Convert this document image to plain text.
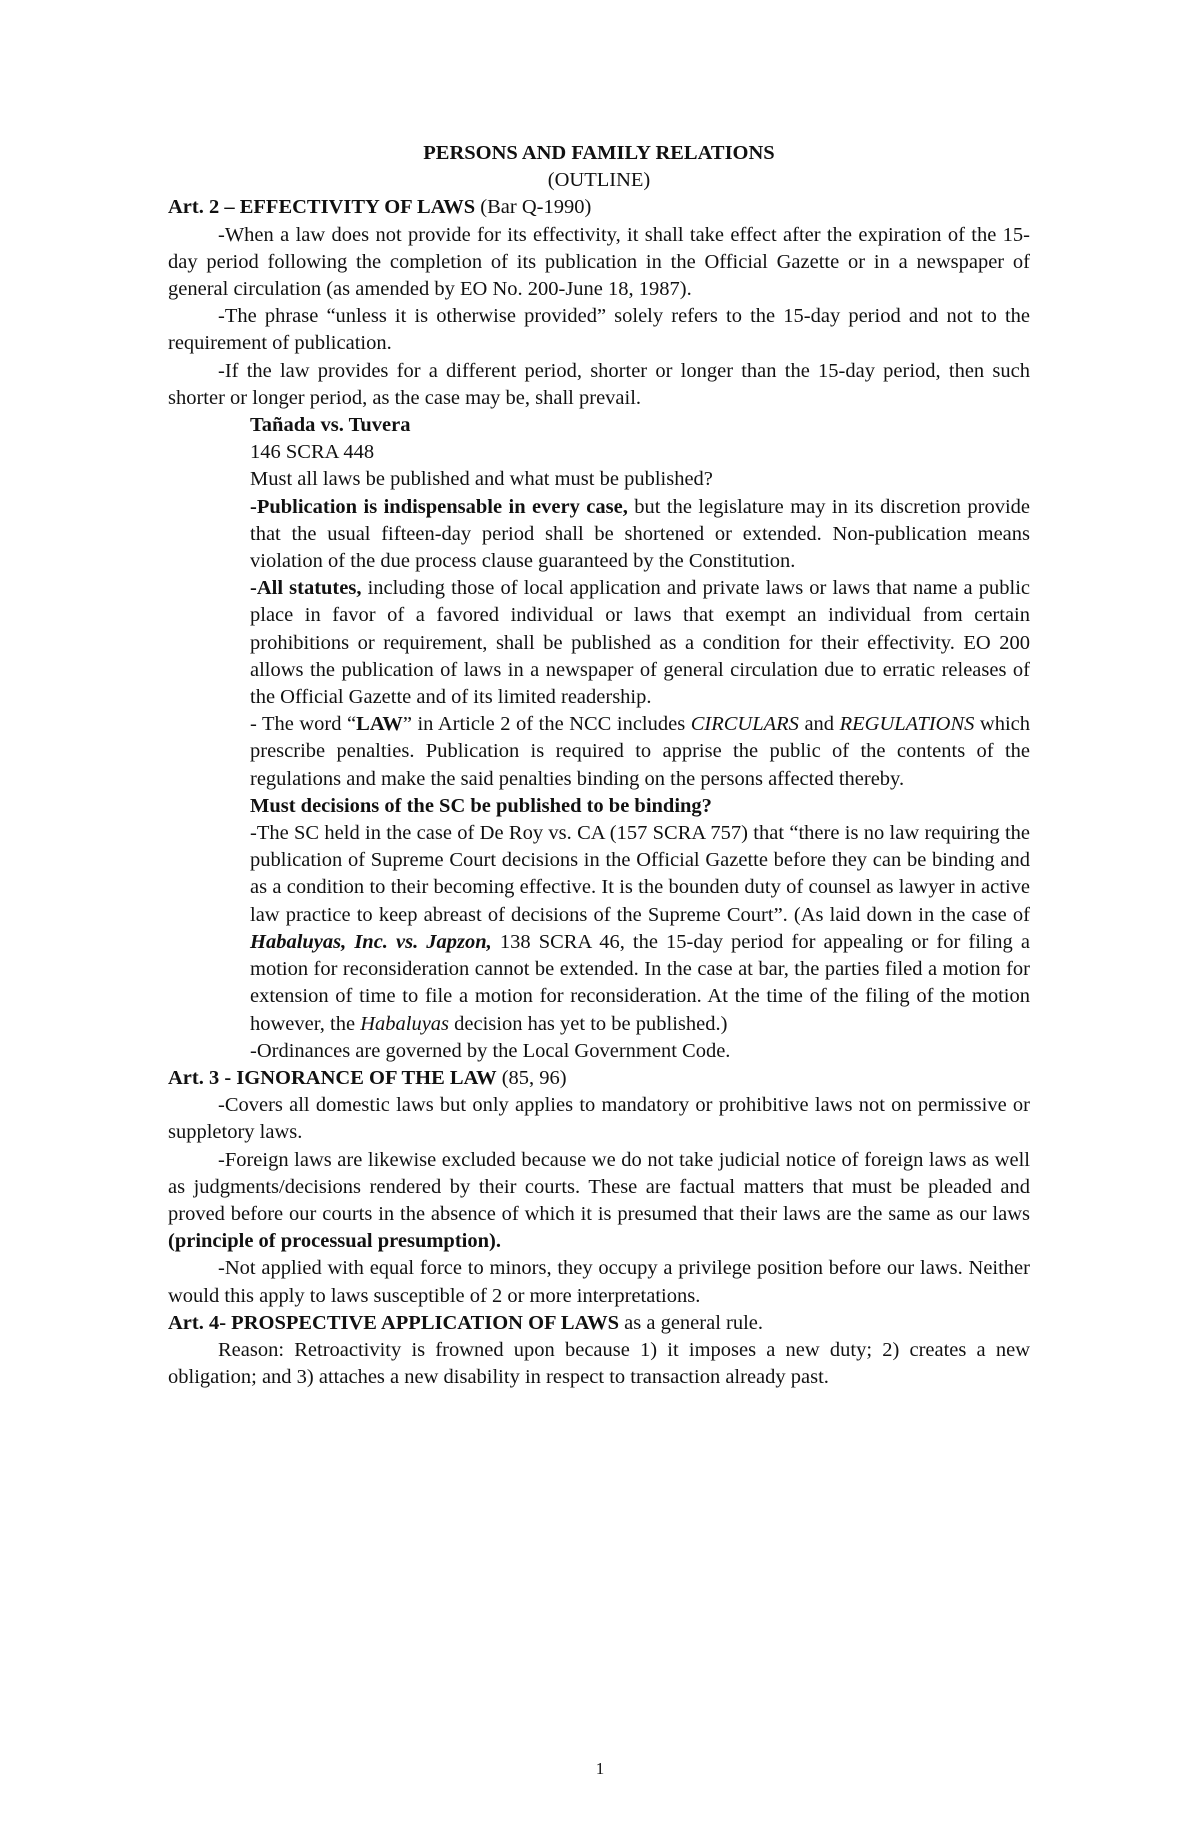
PERSONS AND FAMILY RELATIONS

(OUTLINE)

Art. 2 – EFFECTIVITY OF LAWS (Bar Q-1990)

-When a law does not provide for its effectivity, it shall take effect after the expiration of the 15-day period following the completion of its publication in the Official Gazette or in a newspaper of general circulation (as amended by EO No. 200-June 18, 1987).

-The phrase “unless it is otherwise provided” solely refers to the 15-day period and not to the requirement of publication.

-If the law provides for a different period, shorter or longer than the 15-day period, then such shorter or longer period, as the case may be, shall prevail.

Tañada vs. Tuvera

146 SCRA 448

Must all laws be published and what must be published?

-Publication is indispensable in every case, but the legislature may in its discretion provide that the usual fifteen-day period shall be shortened or extended. Non-publication means violation of the due process clause guaranteed by the Constitution.

-All statutes, including those of local application and private laws or laws that name a public place in favor of a favored individual or laws that exempt an individual from certain prohibitions or requirement, shall be published as a condition for their effectivity. EO 200 allows the publication of laws in a newspaper of general circulation due to erratic releases of the Official Gazette and of its limited readership.

- The word “LAW” in Article 2 of the NCC includes CIRCULARS and REGULATIONS which prescribe penalties. Publication is required to apprise the public of the contents of the regulations and make the said penalties binding on the persons affected thereby.

Must decisions of the SC be published to be binding?

-The SC held in the case of De Roy vs. CA (157 SCRA 757) that “there is no law requiring the publication of Supreme Court decisions in the Official Gazette before they can be binding and as a condition to their becoming effective. It is the bounden duty of counsel as lawyer in active law practice to keep abreast of decisions of the Supreme Court”. (As laid down in the case of Habaluyas, Inc. vs. Japzon, 138 SCRA 46, the 15-day period for appealing or for filing a motion for reconsideration cannot be extended. In the case at bar, the parties filed a motion for extension of time to file a motion for reconsideration. At the time of the filing of the motion however, the Habaluyas decision has yet to be published.)

-Ordinances are governed by the Local Government Code.

Art. 3 - IGNORANCE OF THE LAW (85, 96)

-Covers all domestic laws but only applies to mandatory or prohibitive laws not on permissive or suppletory laws.

-Foreign laws are likewise excluded because we do not take judicial notice of foreign laws as well as judgments/decisions rendered by their courts. These are factual matters that must be pleaded and proved before our courts in the absence of which it is presumed that their laws are the same as our laws (principle of processual presumption).

-Not applied with equal force to minors, they occupy a privilege position before our laws. Neither would this apply to laws susceptible of 2 or more interpretations.

Art. 4- PROSPECTIVE APPLICATION OF LAWS as a general rule.

Reason: Retroactivity is frowned upon because 1) it imposes a new duty; 2) creates a new obligation; and 3) attaches a new disability in respect to transaction already past.

1
